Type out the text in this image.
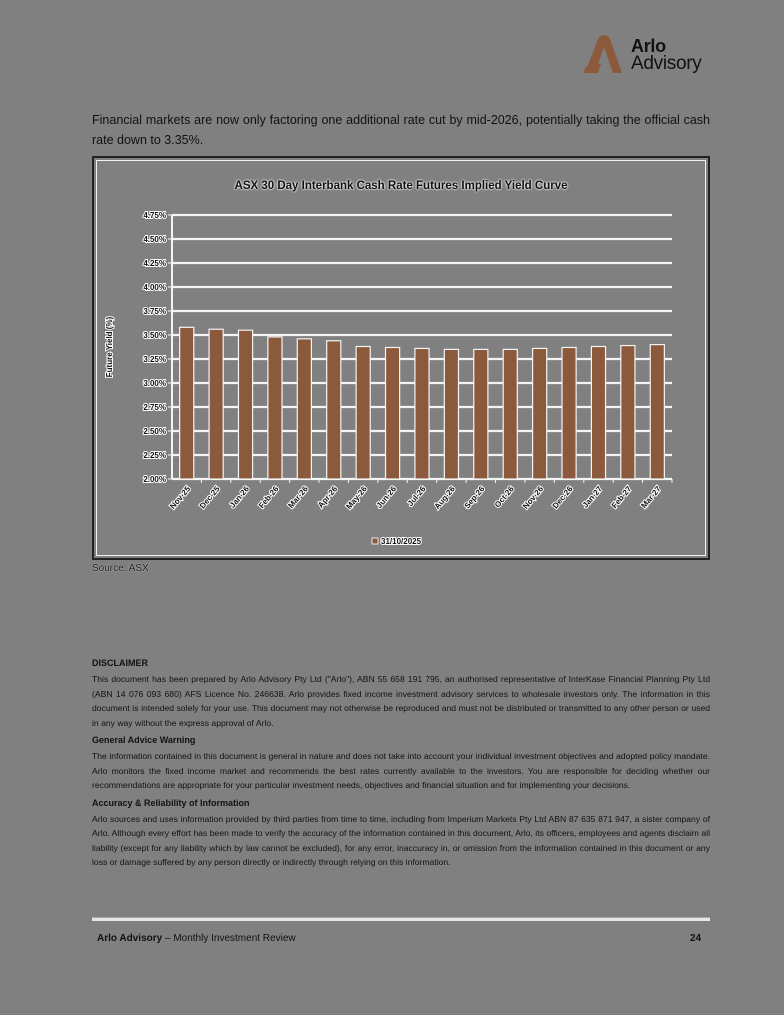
Arlo
Advisory
Financial markets are now only factoring one additional rate cut by mid-2026, potentially taking the official cash rate down to 3.35%.
ASX 30 Day Interbank Cash Rate Futures Implied Yield Curve
2.00%
2.25%
2.50%
2.75%
3.00%
3.25%
3.50%
3.75%
4.00%
4.25%
4.50%
4.75%
Future Yield (%)
Nov-25 Dec-25 Jan-26 Feb-26 Mar-26 Apr-26 May-26 Jun-26 Jul-26 Aug-26 Sep-26 Oct-26 Nov-26 Dec-26 Jan-27 Feb-27 Mar-27
31/10/2025
Source: ASX
DISCLAIMER

This document has been prepared by Arlo Advisory Pty Ltd ("Arlo"), ABN 55 658 191 795, an authorised representative of InterKase Financial Planning Pty Ltd (ABN 14 076 093 680) AFS Licence No. 246638. Arlo provides fixed income investment advisory services to wholesale investors only. The information in this document is intended solely for your use. This document may not otherwise be reproduced and must not be distributed or transmitted to any other person or used in any way without the express approval of Arlo.

General Advice Warning

The information contained in this document is general in nature and does not take into account your individual investment objectives and adopted policy mandate. Arlo monitors the fixed income market and recommends the best rates currently available to the investors. You are responsible for deciding whether our recommendations are appropriate for your particular investment needs, objectives and financial situation and for implementing your decisions.

Accuracy & Reliability of Information

Arlo sources and uses information provided by third parties from time to time, including from Imperium Markets Pty Ltd ABN 87 635 871 947, a sister company of Arlo. Although every effort has been made to verify the accuracy of the information contained in this document, Arlo, its officers, employees and agents disclaim all liability (except for any liability which by law cannot be excluded), for any error, inaccuracy in, or omission from the information contained in this document or any loss or damage suffered by any person directly or indirectly through relying on this information.

Arlo Advisory – Monthly Investment Review	24
